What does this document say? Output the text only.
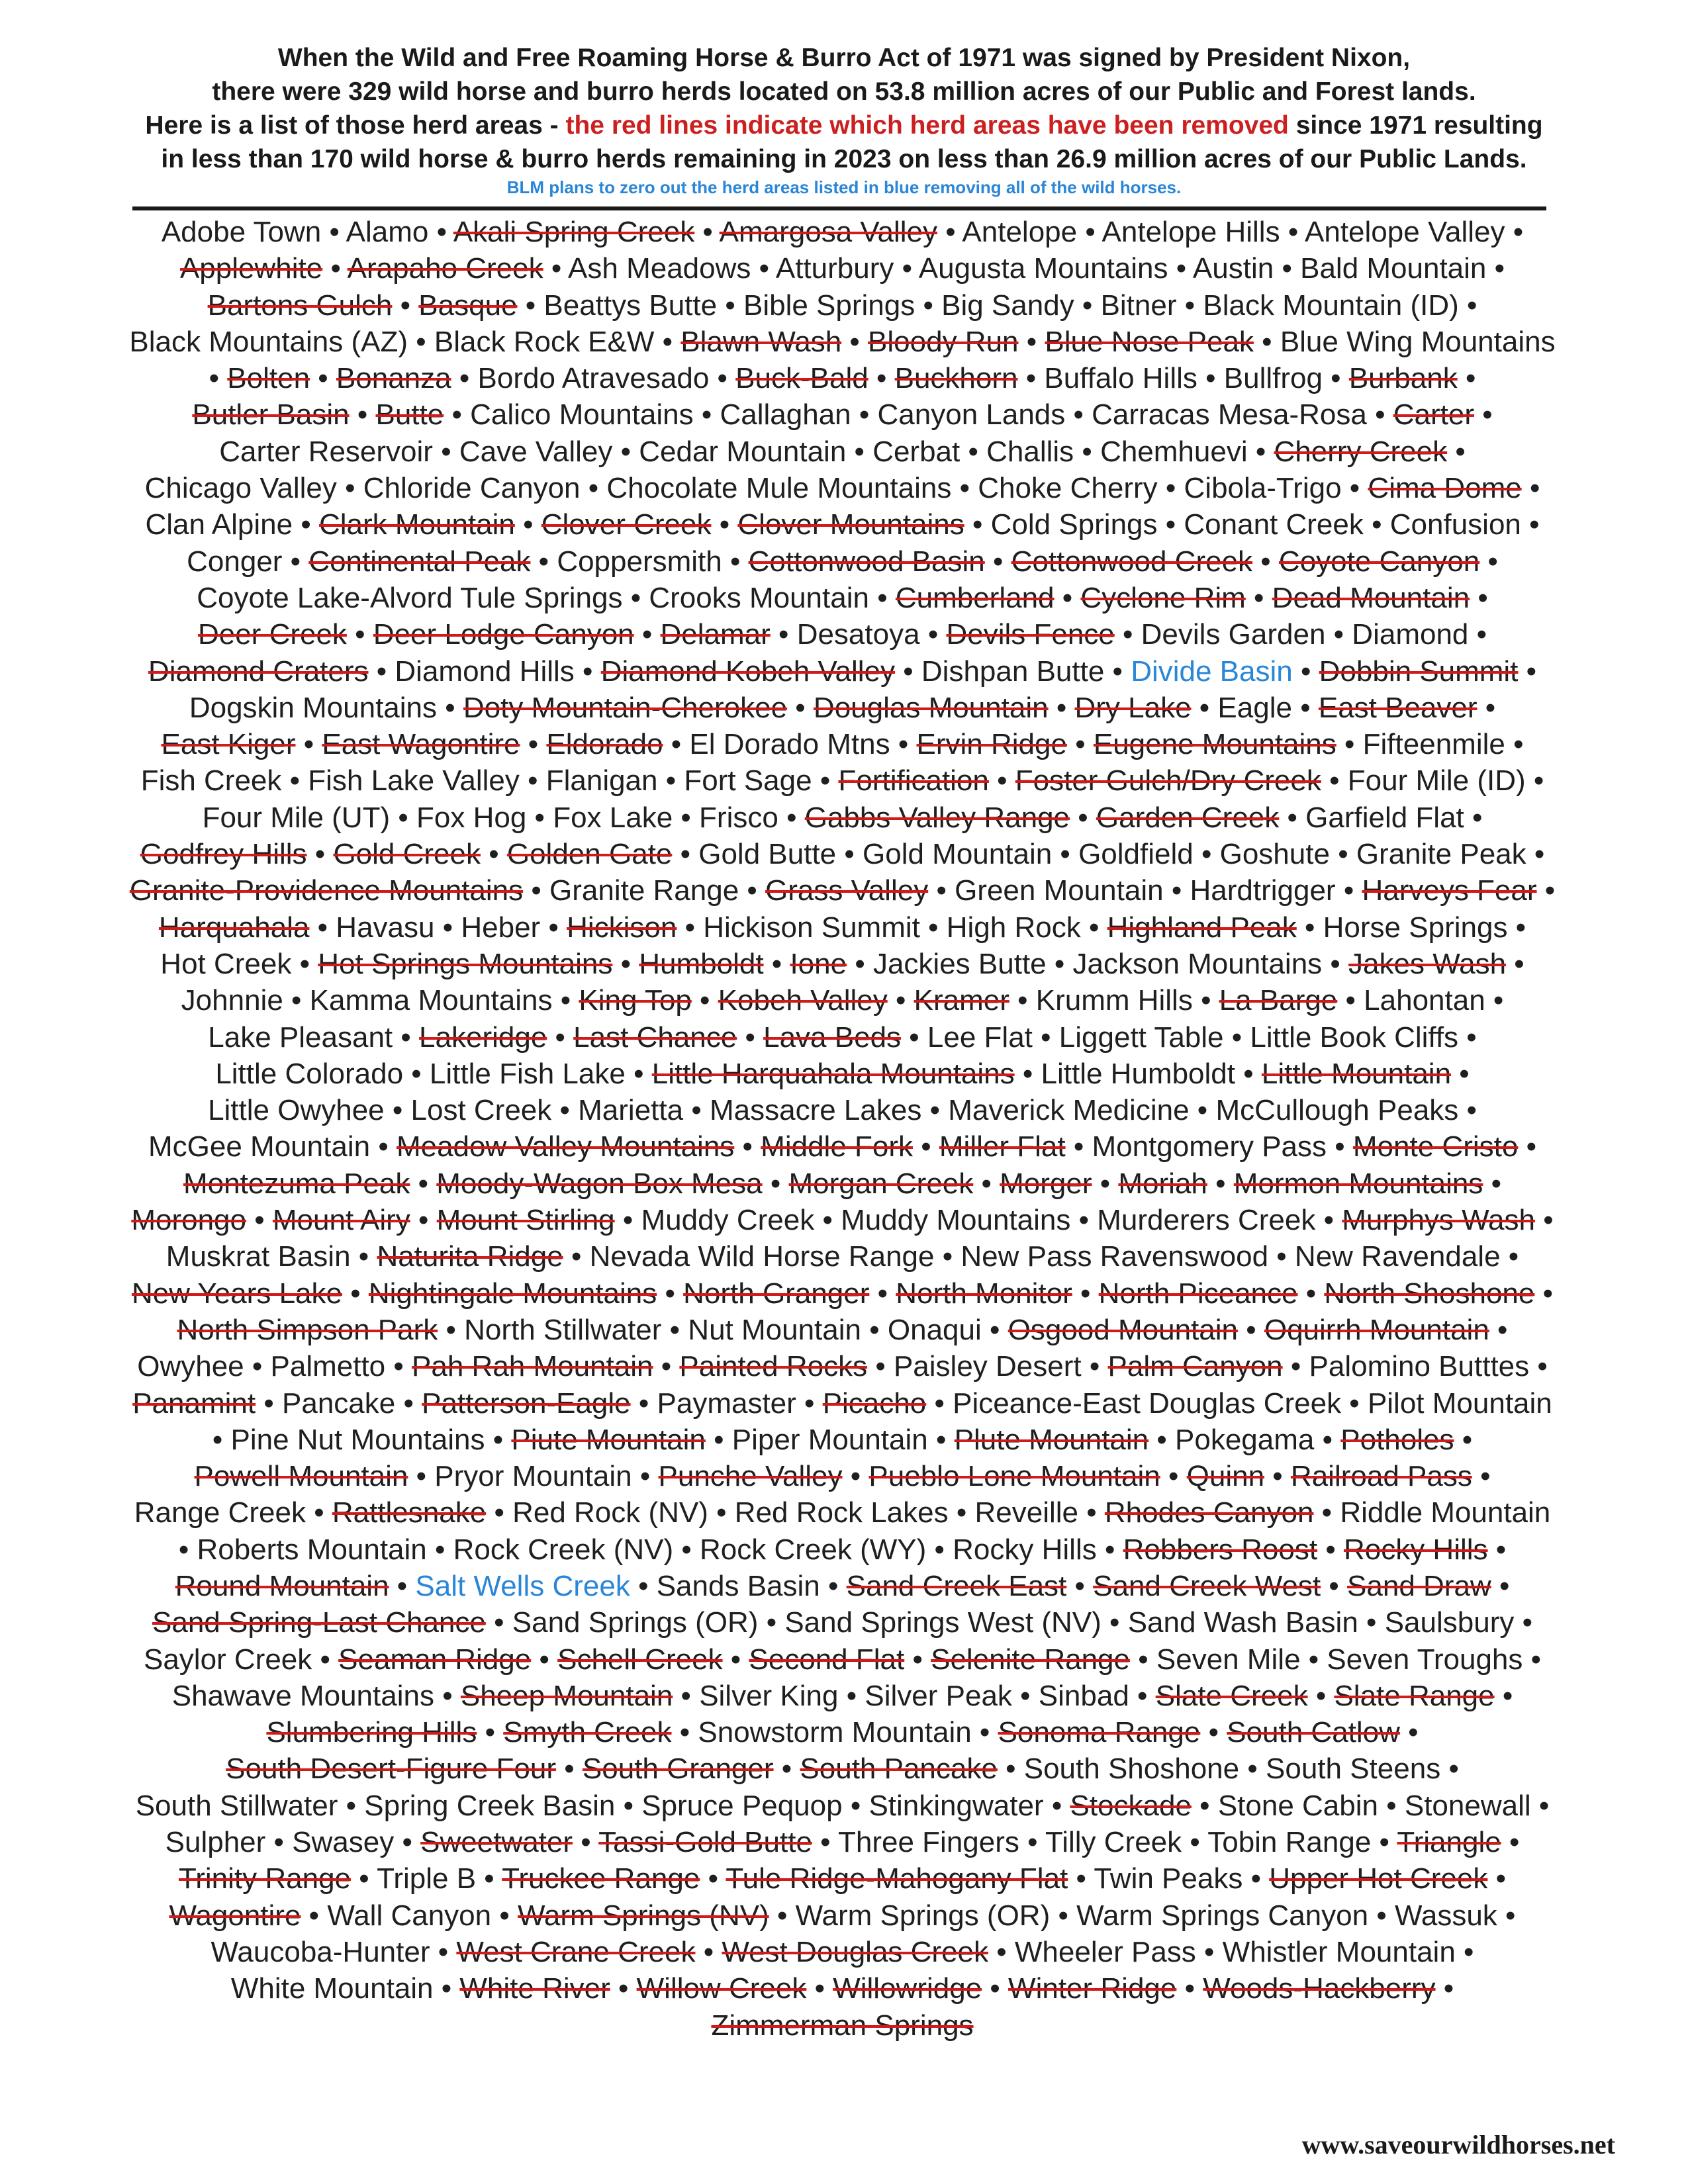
When the Wild and Free Roaming Horse & Burro Act of 1971 was signed by President Nixon,
there were 329 wild horse and burro herds located on 53.8 million acres of our Public and Forest lands.
Here is a list of those herd areas - the red lines indicate which herd areas have been removed since 1971 resulting
in less than 170 wild horse & burro herds remaining in 2023 on less than 26.9 million acres of our Public Lands.
BLM plans to zero out the herd areas listed in blue removing all of the wild horses.
Adobe Town • Alamo • Akali Spring Creek • Amargosa Valley • Antelope • Antelope Hills • Antelope Valley • Applewhite • Arapaho Creek • Ash Meadows • Atturbury • Augusta Mountains • Austin • Bald Mountain • Bartons Gulch • Basque • Beattys Butte • Bible Springs • Big Sandy • Bitner • Black Mountain (ID) • Black Mountains (AZ) • Black Rock E&W • Blawn Wash • Bloody Run • Blue Nose Peak • Blue Wing Mountains • Bolten • Bonanza • Bordo Atravesado • Buck-Bald • Buckhorn • Buffalo Hills • Bullfrog • Burbank • Butler Basin • Butte • Calico Mountains • Callaghan • Canyon Lands • Carracas Mesa-Rosa • Carter • Carter Reservoir • Cave Valley • Cedar Mountain • Cerbat • Challis • Chemhuevi • Cherry Creek • Chicago Valley • Chloride Canyon • Chocolate Mule Mountains • Choke Cherry • Cibola-Trigo • Cima Dome • Clan Alpine • Clark Mountain • Clover Creek • Clover Mountains • Cold Springs • Conant Creek • Confusion • Conger • Continental Peak • Coppersmith • Cottonwood Basin • Cottonwood Creek • Coyote Canyon • Coyote Lake-Alvord Tule Springs • Crooks Mountain • Cumberland • Cyclone Rim • Dead Mountain • Deer Creek • Deer Lodge Canyon • Delamar • Desatoya • Devils Fence • Devils Garden • Diamond • Diamond Craters • Diamond Hills • Diamond Kobeh Valley • Dishpan Butte • Divide Basin • Dobbin Summit • Dogskin Mountains • Doty Mountain-Cherokee • Douglas Mountain • Dry Lake • Eagle • East Beaver • East Kiger • East Wagontire • Eldorado • El Dorado Mtns • Ervin Ridge • Eugene Mountains • Fifteenmile • Fish Creek • Fish Lake Valley • Flanigan • Fort Sage • Fortification • Foster Gulch/Dry Creek • Four Mile (ID) • Four Mile (UT) • Fox Hog • Fox Lake • Frisco • Gabbs Valley Range • Garden Creek • Garfield Flat • Godfrey Hills • Gold Creek • Golden Gate • Gold Butte • Gold Mountain • Goldfield • Goshute • Granite Peak • Granite-Providence Mountains • Granite Range • Grass Valley • Green Mountain • Hardtrigger • Harveys Fear • Harquahala • Havasu • Heber • Hickison • Hickison Summit • High Rock • Highland Peak • Horse Springs • Hot Creek • Hot Springs Mountains • Humboldt • Ione • Jackies Butte • Jackson Mountains • Jakes Wash • Johnnie • Kamma Mountains • King Top • Kobeh Valley • Kramer • Krumm Hills • La Barge • Lahontan • Lake Pleasant • Lakeridge • Last Chance • Lava Beds • Lee Flat • Liggett Table • Little Book Cliffs • Little Colorado • Little Fish Lake • Little Harquahala Mountains • Little Humboldt • Little Mountain • Little Owyhee • Lost Creek • Marietta • Massacre Lakes • Maverick Medicine • McCullough Peaks • McGee Mountain • Meadow Valley Mountains • Middle Fork • Miller Flat • Montgomery Pass • Monte Cristo • Montezuma Peak • Moody-Wagon Box Mesa • Morgan Creek • Morger • Moriah • Mormon Mountains • Morongo • Mount Airy • Mount Stirling • Muddy Creek • Muddy Mountains • Murderers Creek • Murphys Wash • Muskrat Basin • Naturita Ridge • Nevada Wild Horse Range • New Pass Ravenswood • New Ravendale • New Years Lake • Nightingale Mountains • North Granger • North Monitor • North Piceance • North Shoshone • North Simpson Park • North Stillwater • Nut Mountain • Onaqui • Osgood Mountain • Oquirrh Mountain • Owyhee • Palmetto • Pah Rah Mountain • Painted Rocks • Paisley Desert • Palm Canyon • Palomino Butttes • Panamint • Pancake • Patterson-Eagle • Paymaster • Picacho • Piceance-East Douglas Creek • Pilot Mountain • Pine Nut Mountains • Piute Mountain • Piper Mountain • Plute Mountain • Pokegama • Potholes • Powell Mountain • Pryor Mountain • Punche Valley • Pueblo Lone Mountain • Quinn • Railroad Pass • Range Creek • Rattlesnake • Red Rock (NV) • Red Rock Lakes • Reveille • Rhodes Canyon • Riddle Mountain • Roberts Mountain • Rock Creek (NV) • Rock Creek (WY) • Rocky Hills • Robbers Roost • Rocky Hills • Round Mountain • Salt Wells Creek • Sands Basin • Sand Creek East • Sand Creek West • Sand Draw • Sand Spring-Last Chance • Sand Springs (OR) • Sand Springs West (NV) • Sand Wash Basin • Saulsbury • Saylor Creek • Seaman Ridge • Schell Creek • Second Flat • Selenite Range • Seven Mile • Seven Troughs • Shawave Mountains • Sheep Mountain • Silver King • Silver Peak • Sinbad • Slate Creek • Slate Range • Slumbering Hills • Smyth Creek • Snowstorm Mountain • Sonoma Range • South Catlow • South Desert-Figure Four • South Granger • South Pancake • South Shoshone • South Steens • South Stillwater • Spring Creek Basin • Spruce Pequop • Stinkingwater • Stockade • Stone Cabin • Stonewall • Sulpher • Swasey • Sweetwater • Tassi-Gold Butte • Three Fingers • Tilly Creek • Tobin Range • Triangle • Trinity Range • Triple B • Truckee Range • Tule Ridge-Mahogany Flat • Twin Peaks • Upper Hot Creek • Wagontire • Wall Canyon • Warm Springs (NV) • Warm Springs (OR) • Warm Springs Canyon • Wassuk • Waucoba-Hunter • West Crane Creek • West Douglas Creek • Wheeler Pass • Whistler Mountain • White Mountain • White River • Willow Creek • Willowridge • Winter Ridge • Woods-Hackberry • Zimmerman Springs
www.saveourwildhorses.net
